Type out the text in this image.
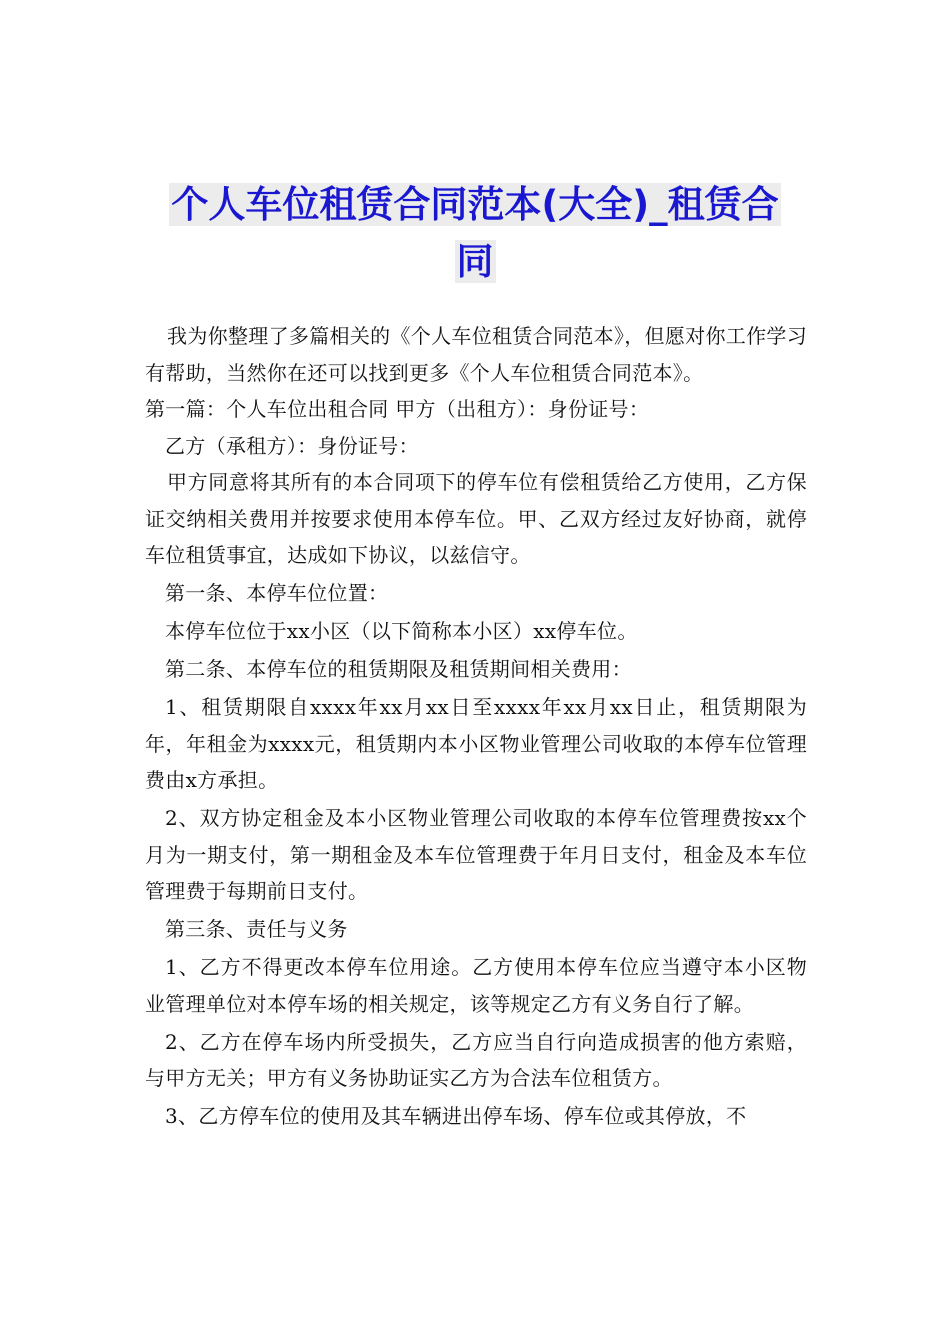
个人车位租赁合同范本(大全)_租赁合
同

我为你整理了多篇相关的《个人车位租赁合同范本》，但愿对你工作学习有帮助，当然你在还可以找到更多《个人车位租赁合同范本》。

第一篇：个人车位出租合同 甲方（出租方）：身份证号：

乙方（承租方）：身份证号：

甲方同意将其所有的本合同项下的停车位有偿租赁给乙方使用，乙方保证交纳相关费用并按要求使用本停车位。甲、乙双方经过友好协商，就停车位租赁事宜，达成如下协议，以兹信守。

第一条、本停车位位置：

本停车位位于xx小区（以下简称本小区）xx停车位。

第二条、本停车位的租赁期限及租赁期间相关费用：

1、租赁期限自xxxx年xx月xx日至xxxx年xx月xx日止，租赁期限为年，年租金为xxxx元，租赁期内本小区物业管理公司收取的本停车位管理费由x方承担。

2、双方协定租金及本小区物业管理公司收取的本停车位管理费按xx个月为一期支付，第一期租金及本车位管理费于年月日支付，租金及本车位管理费于每期前日支付。

第三条、责任与义务

1、乙方不得更改本停车位用途。乙方使用本停车位应当遵守本小区物业管理单位对本停车场的相关规定，该等规定乙方有义务自行了解。

2、乙方在停车场内所受损失，乙方应当自行向造成损害的他方索赔，与甲方无关；甲方有义务协助证实乙方为合法车位租赁方。

3、乙方停车位的使用及其车辆进出停车场、停车位或其停放，不
